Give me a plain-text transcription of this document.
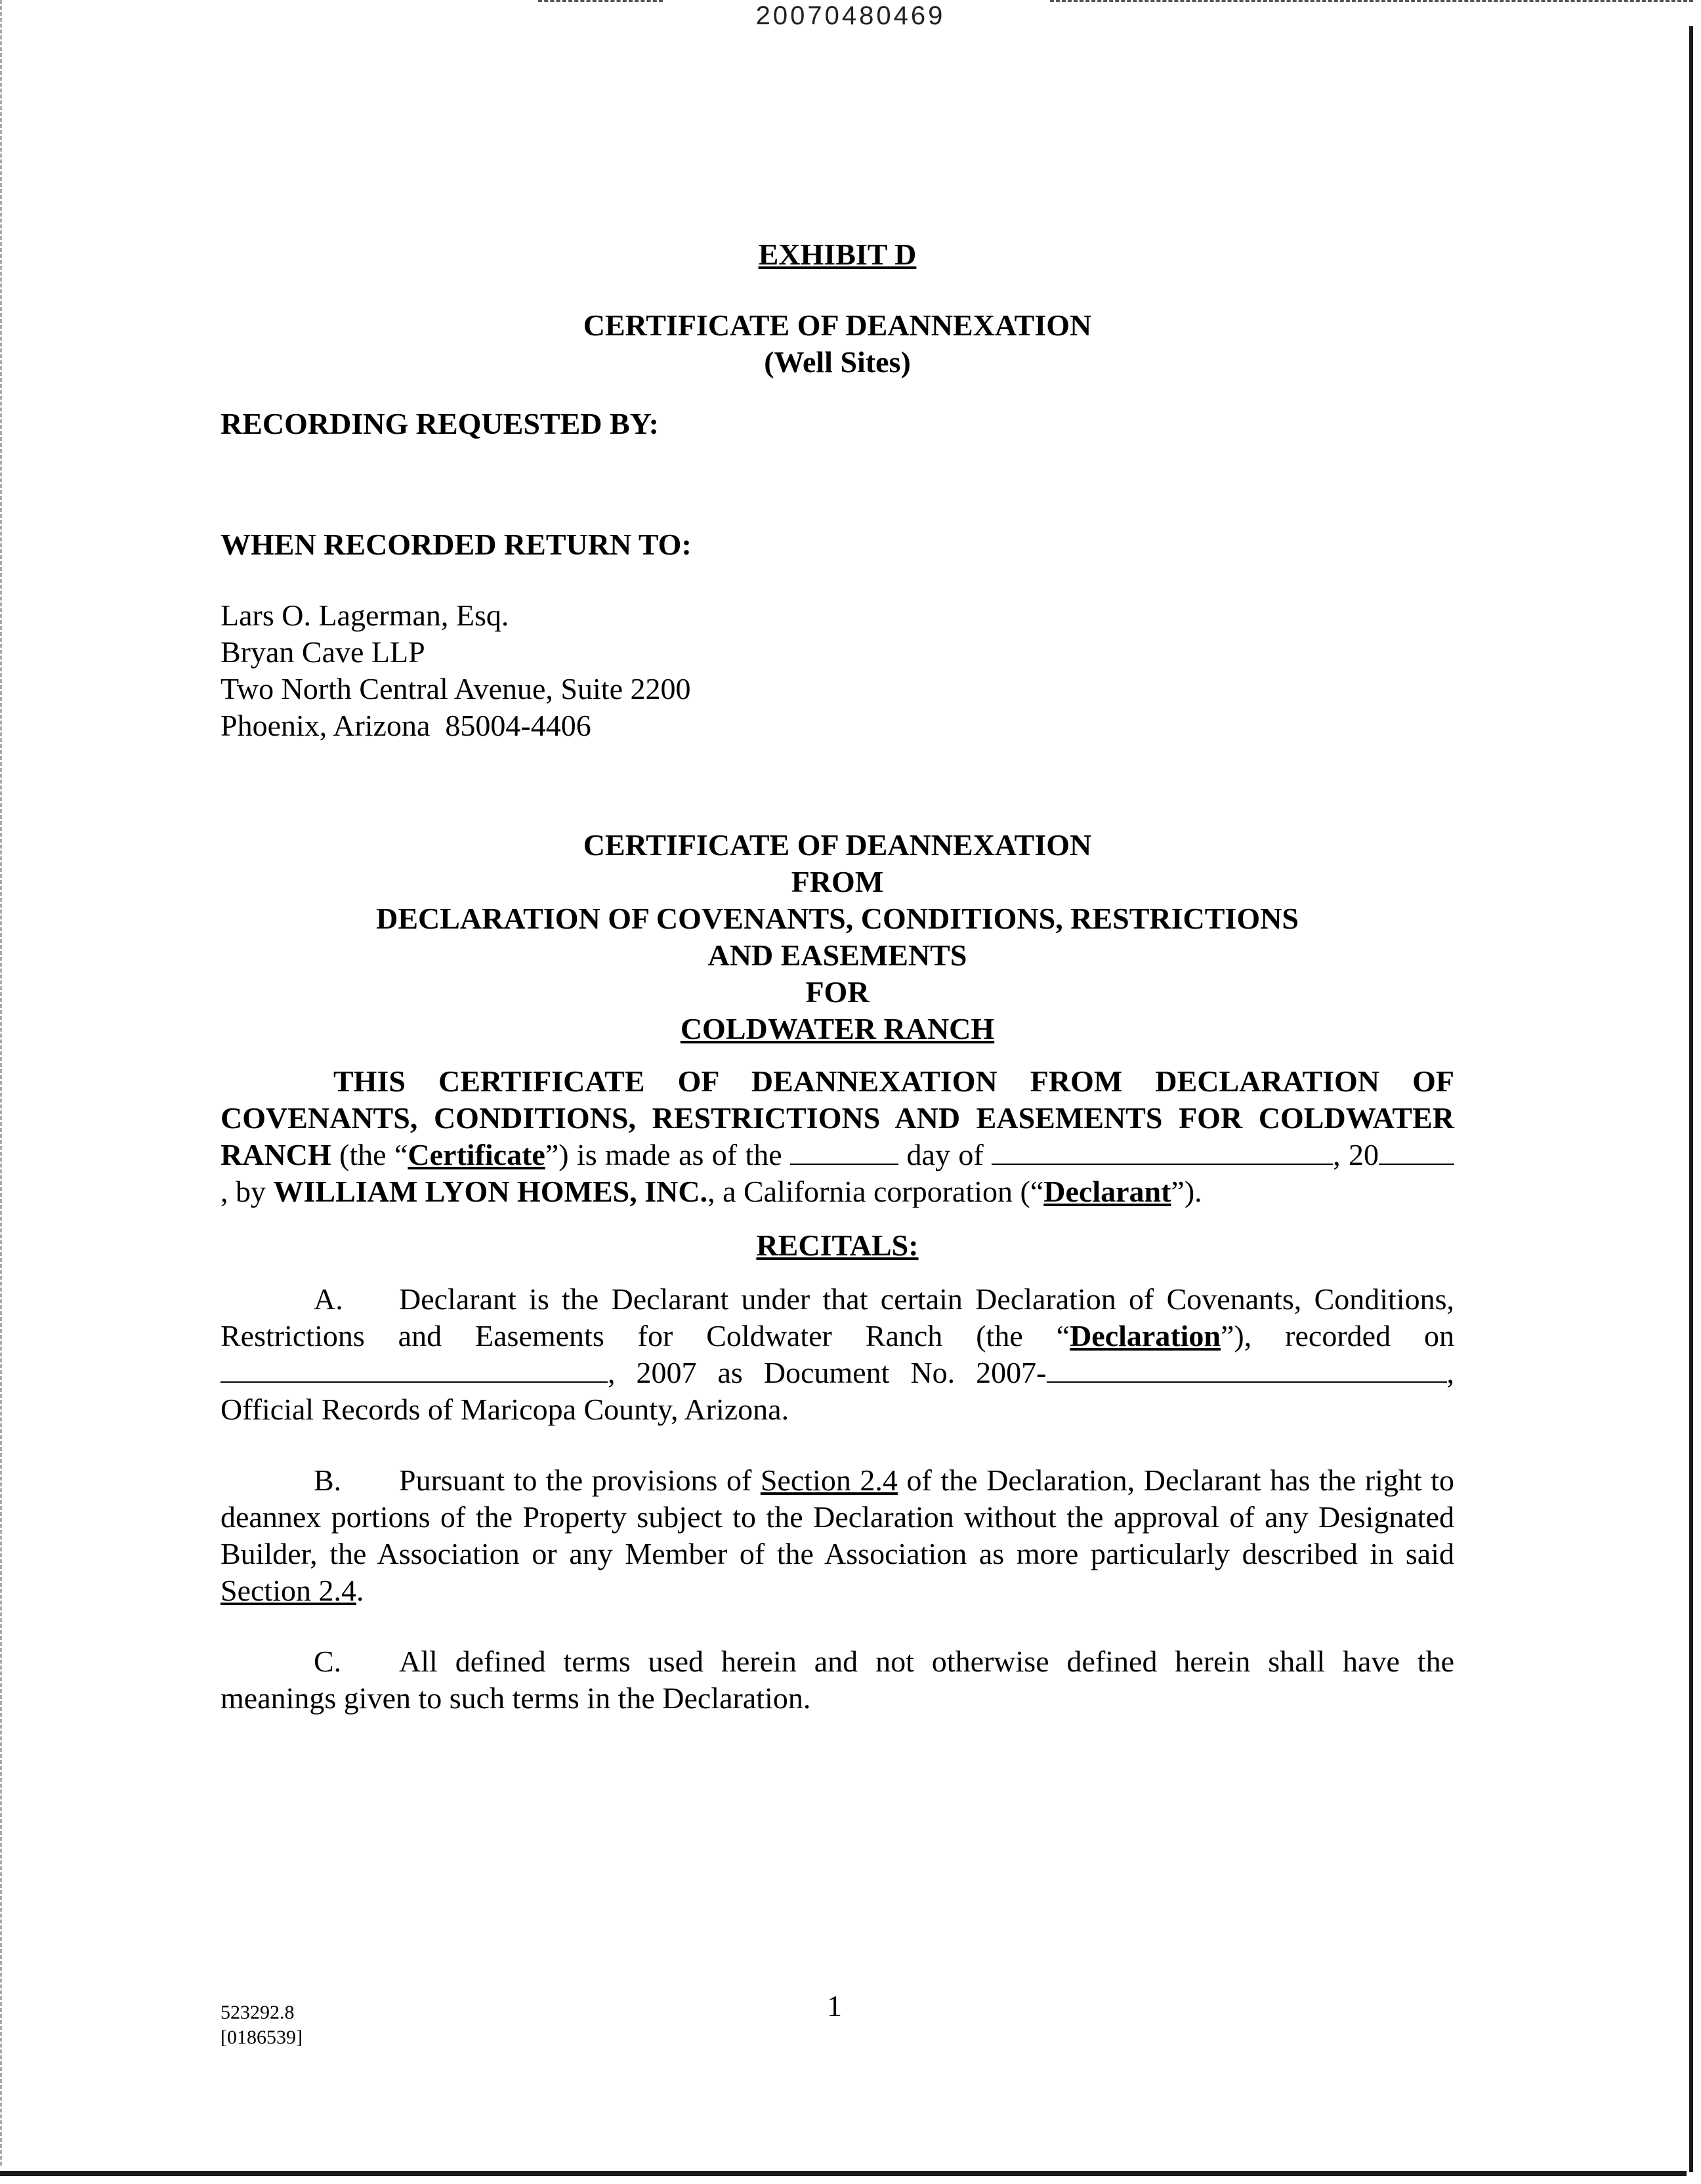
20070480469

EXHIBIT D

CERTIFICATE OF DEANNEXATION

(Well Sites)

RECORDING REQUESTED BY:

WHEN RECORDED RETURN TO:

Lars O. Lagerman, Esq.

Bryan Cave LLP

Two North Central Avenue, Suite 2200

Phoenix, Arizona  85004-4406

CERTIFICATE OF DEANNEXATION
FROM
DECLARATION OF COVENANTS, CONDITIONS, RESTRICTIONS
AND EASEMENTS
FOR
COLDWATER RANCH

THIS CERTIFICATE OF DEANNEXATION FROM DECLARATION OF COVENANTS, CONDITIONS, RESTRICTIONS AND EASEMENTS FOR COLDWATER RANCH (the “Certificate”) is made as of the	day of	, 20, by WILLIAM LYON HOMES, INC., a California corporation (“Declarant”).

RECITALS:

A. Declarant is the Declarant under that certain Declaration of Covenants, Conditions, Restrictions and Easements for Coldwater Ranch (the “Declaration”), recorded on , 2007 as Document No. 2007-	, Official Records of Maricopa County, Arizona.

B. Pursuant to the provisions of Section 2.4 of the Declaration, Declarant has the right to deannex portions of the Property subject to the Declaration without the approval of any Designated Builder, the Association or any Member of the Association as more particularly described in said Section 2.4.

C. All defined terms used herein and not otherwise defined herein shall have the meanings given to such terms in the Declaration.

523292.8
[0186539]
1
